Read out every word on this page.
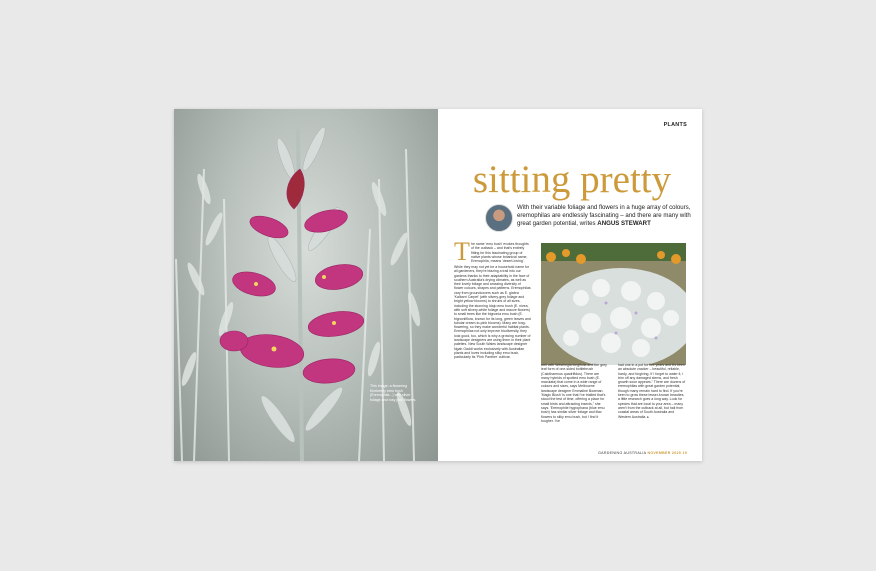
This image: a flowering Kimberley emu bush (Eremophila...) with silver foliage and rosy pink flowers.
PLANTS
sitting pretty
With their variable foliage and flowers in a huge array of colours, eremophilas are endlessly fascinating – and there are many with great garden potential, writes ANGUS STEWART
T he name 'emu bush' evokes thoughts of the outback – and that's entirely fitting for this fascinating group of native plants whose botanical name, Eremophila, means 'desert-loving'.
While they may not yet be a household name for all gardeners, they're blazing a trail into our gardens thanks to their adaptability in the face of southern Australia's drying climates, as well as their lovely foliage and amazing diversity of flower colours, shapes and patterns. Eremophilas vary from groundcovers such as E. glabra 'Kalbarri Carpet' (with silvery-grey foliage and bright yellow blooms) to shrubs of all sizes, including the stunning Idaju emu bush (E. nivea, with soft silvery-white foliage and mauve flowers) to small trees like the bignonia emu bush (E. bignoniiflora, known for its long, green leaves and tubular cream-to-pink blooms). Many are long-flowering, so they make wonderful habitat plants. Eremophilas not only improve biodiversity, they look good, too, which is why a growing number of landscape designers are using them in their plant palettes. New South Wales landscape designer Ngah Gaddi works exclusively with Australian plants and loves including silky emu bush, particularly its 'Pink Panther' cultivar.
well with Westringia longifolia and the grey leaf form of one-sided bottlebrush (Calothamnus quadrifidus). There are many hybrids of spotted emu bush (E. maculata) that come in a wide range of colours and sizes, says Melbourne landscape designer Emmaline Bowman. 'Magic Blush' is one that I've trialled that's stood the test of time, offering a place for small birds and attracting insects," she says. 'Eremophile hygrophana (blue emu bush) has similar silver foliage and lilac flowers to silky emu bush, but I find it tougher. I've
had one in a pot for five years and it's been an absolute cracker – beautiful, reliable, hardy, and forgiving. If I forget to water it, I trim off any damaged stems, and fresh growth soon appears." There are dozens of eremophilas with great garden potential, though many remain hard to find. If you're keen to grow these lesser-known beauties, a little research goes a long way. Look for species that are local to your area – many aren't from the outback at all, but hail from coastal areas of South Australia and Western Australia. ▸
GARDENING AUSTRALIA NOVEMBER 2025 19
